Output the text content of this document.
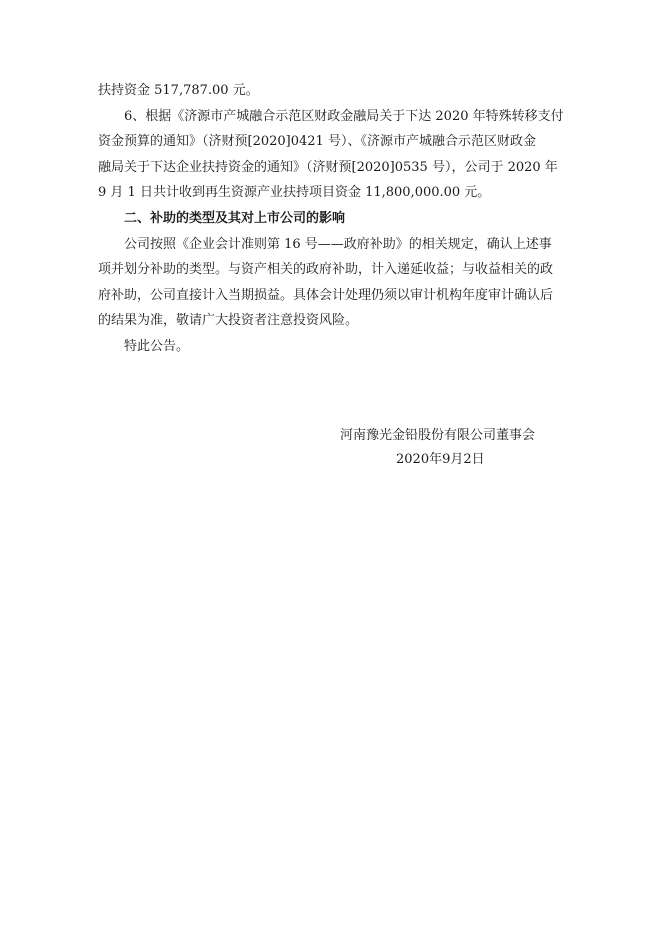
扶持资金 517,787.00 元。
6、根据《济源市产城融合示范区财政金融局关于下达 2020 年特殊转移支付
资金预算的通知》（济财预[2020]0421 号）、《济源市产城融合示范区财政金
融局关于下达企业扶持资金的通知》（济财预[2020]0535 号），公司于 2020 年
9 月 1 日共计收到再生资源产业扶持项目资金 11,800,000.00 元。
二、补助的类型及其对上市公司的影响
公司按照《企业会计准则第 16 号——政府补助》的相关规定，确认上述事
项并划分补助的类型。与资产相关的政府补助，计入递延收益；与收益相关的政
府补助，公司直接计入当期损益。具体会计处理仍须以审计机构年度审计确认后
的结果为准，敬请广大投资者注意投资风险。
特此公告。
河南豫光金铅股份有限公司董事会
2020年9月2日
